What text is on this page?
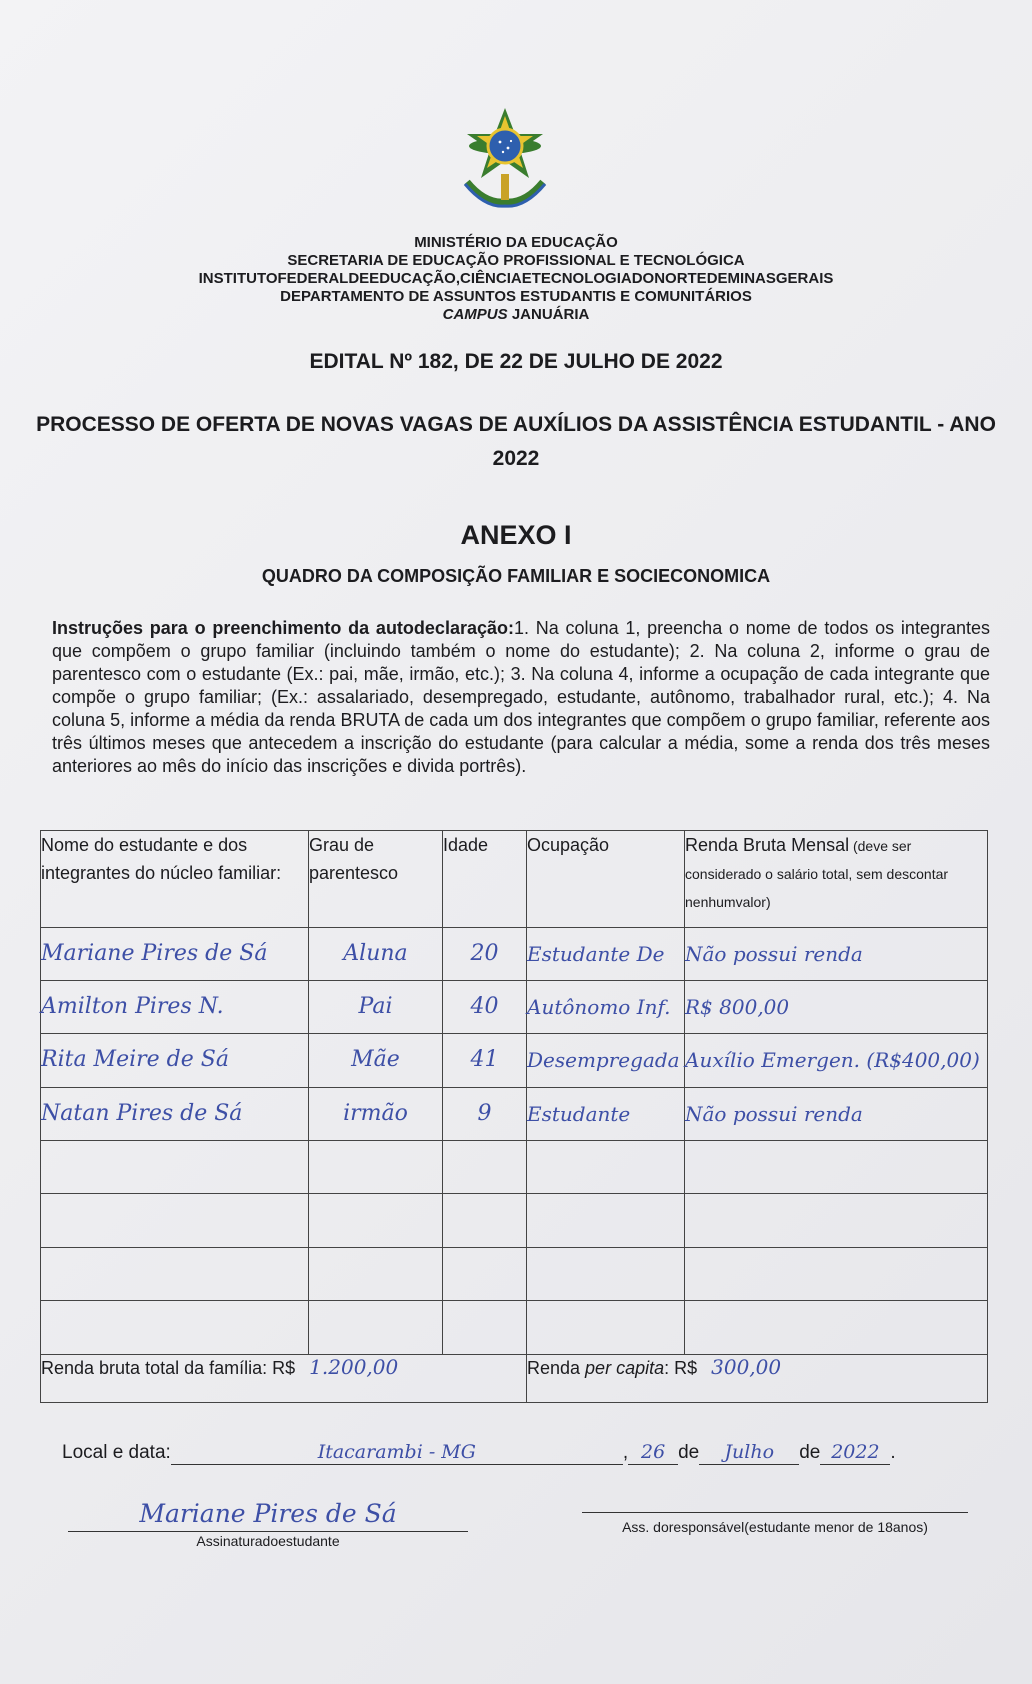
MINISTÉRIO DA EDUCAÇÃO
SECRETARIA DE EDUCAÇÃO PROFISSIONAL E TECNOLÓGICA
INSTITUTOFEDERALDEEDUCAÇÃO,CIÊNCIAETECNOLOGIADONORTEDEMINASGERAIS
DEPARTAMENTO DE ASSUNTOS ESTUDANTIS E COMUNITÁRIOS
CAMPUS JANUÁRIA
EDITAL Nº 182, DE 22 DE JULHO DE 2022
PROCESSO DE OFERTA DE NOVAS VAGAS DE AUXÍLIOS DA ASSISTÊNCIA ESTUDANTIL - ANO 2022
ANEXO I
QUADRO DA COMPOSIÇÃO FAMILIAR E SOCIECONOMICA
Instruções para o preenchimento da autodeclaração:1. Na coluna 1, preencha o nome de todos os integrantes que compõem o grupo familiar (incluindo também o nome do estudante); 2. Na coluna 2, informe o grau de parentesco com o estudante (Ex.: pai, mãe, irmão, etc.); 3. Na coluna 4, informe a ocupação de cada integrante que compõe o grupo familiar; (Ex.: assalariado, desempregado, estudante, autônomo, trabalhador rural, etc.); 4. Na coluna 5, informe a média da renda BRUTA de cada um dos integrantes que compõem o grupo familiar, referente aos três últimos meses que antecedem a inscrição do estudante (para calcular a média, some a renda dos três meses anteriores ao mês do início das inscrições e divida portrês).
Nome do estudante e dos integrantes do núcleo familiar:	Grau de parentesco	Idade	Ocupação	Renda Bruta Mensal (deve ser considerado o salário total, sem descontar nenhumvalor)
Mariane Pires de Sá	Aluna	20	Estudante De	Não possui renda
Amilton Pires N.	Pai	40	Autônomo Inf.	R$ 800,00
Rita Meire de Sá	Mãe	41	Desempregada	Auxílio Emergen. (R$400,00)
Natan Pires de Sá	irmão	9	Estudante	Não possui renda

Renda bruta total da família: R$ 1.200,00			Renda per capita: R$ 300,00	
Local e data:	Itacarambi - MG	, 26 de Julho de 2022 .
Mariane Pires de Sá
Assinaturadoestudante
Ass. doresponsável(estudante menor de 18anos)
